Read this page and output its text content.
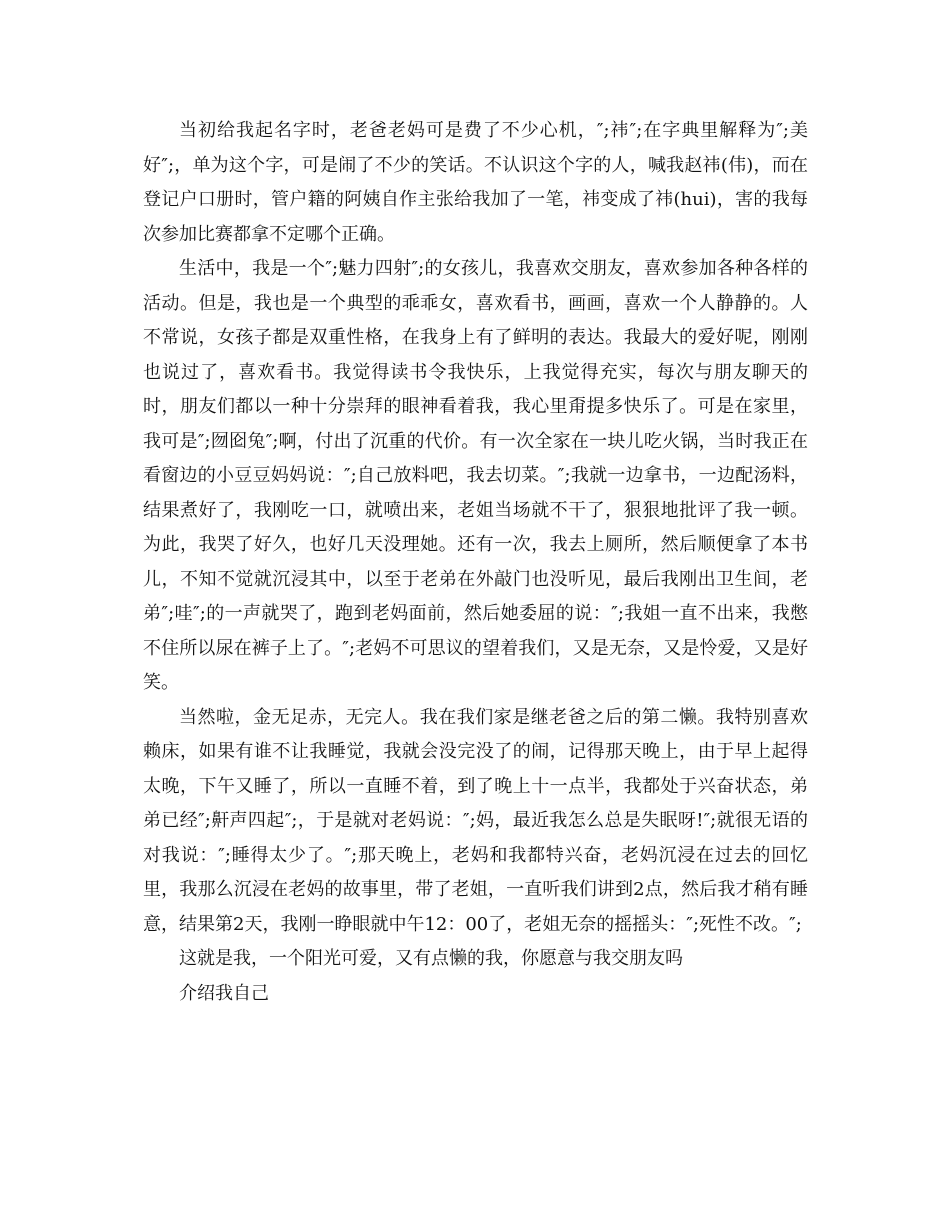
当初给我起名字时，老爸老妈可是费了不少心机，″;祎″;在字典里解释为″;美好″;，单为这个字，可是闹了不少的笑话。不认识这个字的人，喊我赵祎(伟)，而在登记户口册时，管户籍的阿姨自作主张给我加了一笔，祎变成了祎(hui)，害的我每次参加比赛都拿不定哪个正确。

生活中，我是一个″;魅力四射″;的女孩儿，我喜欢交朋友，喜欢参加各种各样的活动。但是，我也是一个典型的乖乖女，喜欢看书，画画，喜欢一个人静静的。人不常说，女孩子都是双重性格，在我身上有了鲜明的表达。我最大的爱好呢，刚刚也说过了，喜欢看书。我觉得读书令我快乐，上我觉得充实，每次与朋友聊天的时，朋友们都以一种十分崇拜的眼神看着我，我心里甭提多快乐了。可是在家里，我可是″;囫囵兔″;啊，付出了沉重的代价。有一次全家在一块儿吃火锅，当时我正在看窗边的小豆豆妈妈说：″;自己放料吧，我去切菜。″;我就一边拿书，一边配汤料，结果煮好了，我刚吃一口，就喷出来，老姐当场就不干了，狠狠地批评了我一顿。为此，我哭了好久，也好几天没理她。还有一次，我去上厕所，然后顺便拿了本书儿，不知不觉就沉浸其中，以至于老弟在外敲门也没听见，最后我刚出卫生间，老弟″;哇″;的一声就哭了，跑到老妈面前，然后她委屈的说：″;我姐一直不出来，我憋不住所以尿在裤子上了。″;老妈不可思议的望着我们，又是无奈，又是怜爱，又是好笑。

当然啦，金无足赤，无完人。我在我们家是继老爸之后的第二懒。我特别喜欢赖床，如果有谁不让我睡觉，我就会没完没了的闹，记得那天晚上，由于早上起得太晚，下午又睡了，所以一直睡不着，到了晚上十一点半，我都处于兴奋状态，弟弟已经″;鼾声四起″;，于是就对老妈说：″;妈，最近我怎么总是失眠呀!″;就很无语的对我说：″;睡得太少了。″;那天晚上，老妈和我都特兴奋，老妈沉浸在过去的回忆里，我那么沉浸在老妈的故事里，带了老姐，一直听我们讲到2点，然后我才稍有睡意，结果第2天，我刚一睁眼就中午12：00了，老姐无奈的摇摇头：″;死性不改。″;

这就是我，一个阳光可爱，又有点懒的我，你愿意与我交朋友吗

介绍我自己
